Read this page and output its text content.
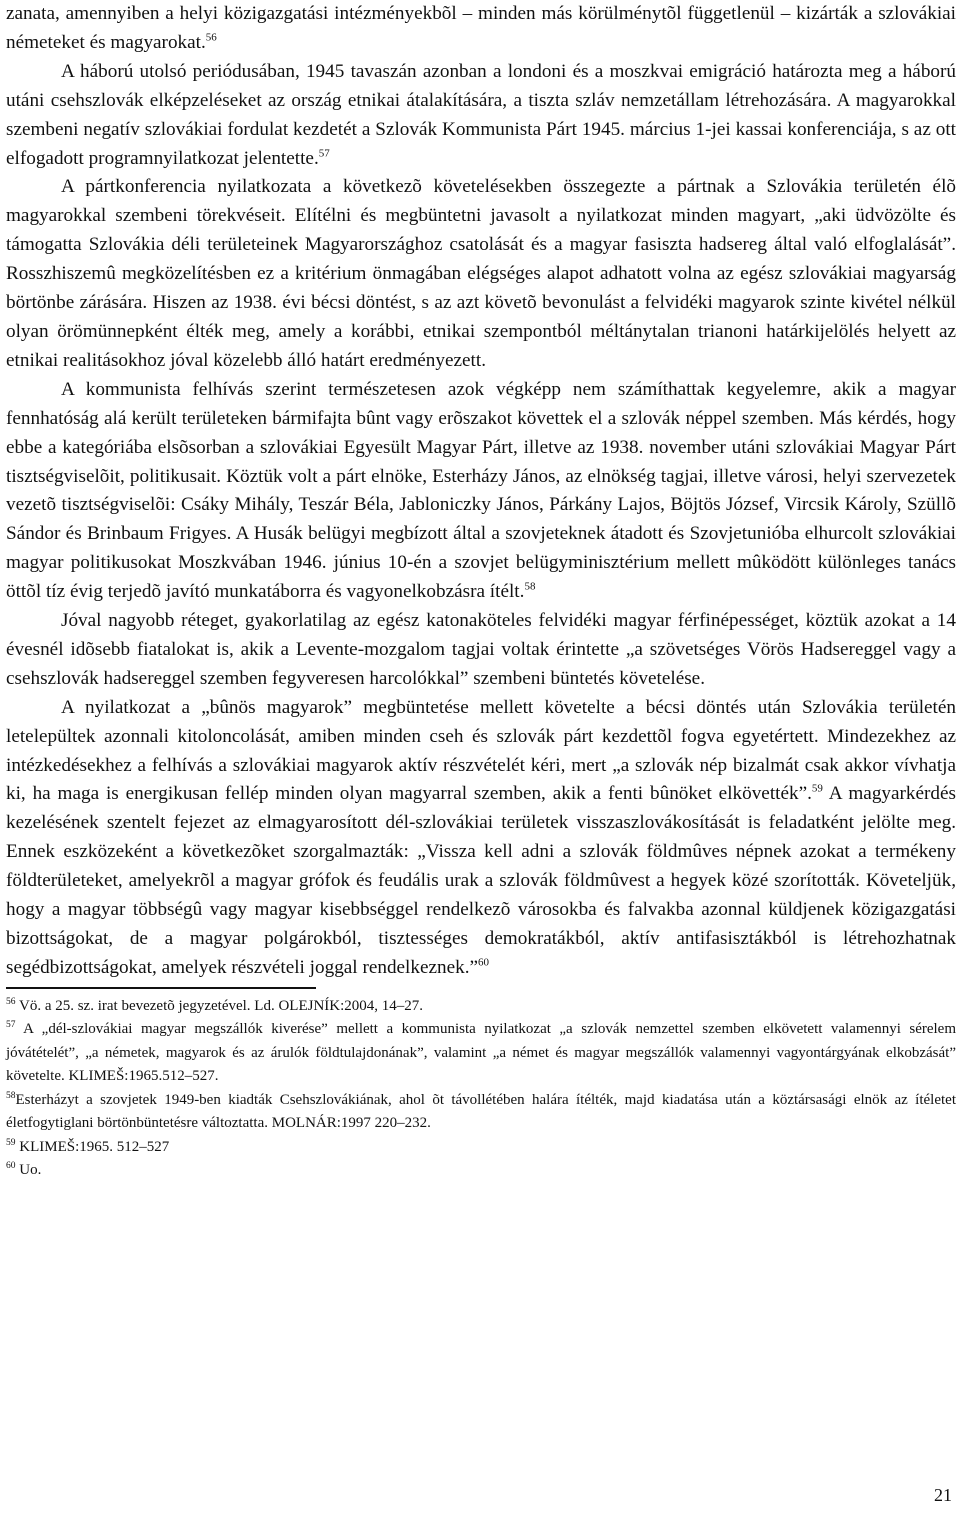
zanata, amennyiben a helyi közigazgatási intézményekbõl – minden más körülménytõl függetlenül – kizárták a szlovákiai németeket és magyarokat.$^{56}$

A háború utolsó periódusában, 1945 tavaszán azonban a londoni és a moszkvai emigráció határozta meg a háború utáni csehszlovák elképzeléseket az ország etnikai átalakítására, a tiszta szláv nemzetállam létrehozására. A magyarokkal szembeni negatív szlovákiai fordulat kezdetét a Szlovák Kommunista Párt 1945. március 1-jei kassai konferenciája, s az ott elfogadott programnyilatkozat jelentette.$^{57}$

A pártkonferencia nyilatkozata a következõ követelésekben összegezte a pártnak a Szlovákia területén élõ magyarokkal szembeni törekvéseit. Elítélni és megbüntetni javasolt a nyilatkozat minden magyart, „aki üdvözölte és támogatta Szlovákia déli területeinek Magyarországhoz csatolását és a magyar fasiszta hadsereg által való elfoglalását”. Rosszhiszemû megközelítésben ez a kritérium önmagában elégséges alapot adhatott volna az egész szlovákiai magyarság börtönbe zárására. Hiszen az 1938. évi bécsi döntést, s az azt követõ bevonulást a felvidéki magyarok szinte kivétel nélkül olyan örömünnepként élték meg, amely a korábbi, etnikai szempontból méltánytalan trianoni határkijelölés helyett az etnikai realitásokhoz jóval közelebb álló határt eredményezett.

A kommunista felhívás szerint természetesen azok végképp nem számíthattak kegyelemre, akik a magyar fennhatóság alá került területeken bármifajta bûnt vagy erõszakot követtek el a szlovák néppel szemben. Más kérdés, hogy ebbe a kategóriába elsõsorban a szlovákiai Egyesült Magyar Párt, illetve az 1938. november utáni szlovákiai Magyar Párt tisztségviselõit, politikusait. Köztük volt a párt elnöke, Esterházy János, az elnökség tagjai, illetve városi, helyi szervezetek vezetõ tisztségviselõi: Csáky Mihály, Teszár Béla, Jabloniczky János, Párkány Lajos, Böjtös József, Vircsik Károly, Szüllõ Sándor és Brinbaum Frigyes. A Husák belügyi megbízott által a szovjeteknek átadott és Szovjetunióba elhurcolt szlovákiai magyar politikusokat Moszkvában 1946. június 10-én a szovjet belügyminisztérium mellett mûködött különleges tanács öttõl tíz évig terjedõ javító munkatáborra és vagyonelkobzásra ítélt.$^{58}$

Jóval nagyobb réteget, gyakorlatilag az egész katonaköteles felvidéki magyar férfinépességet, köztük azokat a 14 évesnél idõsebb fiatalokat is, akik a Levente-mozgalom tagjai voltak érintette „a szövetséges Vörös Hadsereggel vagy a csehszlovák hadsereggel szemben fegyveresen harcolókkal” szembeni büntetés követelése.

A nyilatkozat a „bûnös magyarok” megbüntetése mellett követelte a bécsi döntés után Szlovákia területén letelepültek azonnali kitoloncolását, amiben minden cseh és szlovák párt kezdettõl fogva egyetértett. Mindezekhez az intézkedésekhez a felhívás a szlovákiai magyarok aktív részvételét kéri, mert „a szlovák nép bizalmát csak akkor vívhatja ki, ha maga is energikusan fellép minden olyan magyarral szemben, akik a fenti bûnöket elkövették”.$^{59}$ A magyarkérdés kezelésének szentelt fejezet az elmagyarosított dél-szlovákiai területek visszaszlovákosítását is feladatként jelölte meg. Ennek eszközeként a következõket szorgalmazták: „Vissza kell adni a szlovák földmûves népnek azokat a termékeny földterületeket, amelyekrõl a magyar grófok és feudális urak a szlovák földmûvest a hegyek közé szorították. Követeljük, hogy a magyar többségû vagy magyar kisebbséggel rendelkezõ városokba és falvakba azonnal küldjenek közigazgatási bizottságokat, de a magyar polgárokból, tisztességes demokratákból, aktív antifasisztákból is létrehozhatnak segédbizottságokat, amelyek részvételi joggal rendelkeznek.”$^{60}$

$^{56}$ Vö. a 25. sz. irat bevezetõ jegyzetével. Ld. OLEJNÍK:2004, 14–27.

$^{57}$ A „dél-szlovákiai magyar megszállók kiverése” mellett a kommunista nyilatkozat „a szlovák nemzettel szemben elkövetett valamennyi sérelem jóvátételét”, „a németek, magyarok és az árulók földtulajdonának”, valamint „a német és magyar megszállók valamennyi vagyontárgyának elkobzását” követelte. KLIMEŠ:1965.512–527.

$^{58}$Esterházyt a szovjetek 1949-ben kiadták Csehszlovákiának, ahol õt távollétében halára ítélték, majd kiadatása után a köztársasági elnök az ítéletet életfogytiglani börtönbüntetésre változtatta. MOLNÁR:1997 220–232.

$^{59}$ KLIMEŠ:1965. 512–527

$^{60}$ Uo.

21
